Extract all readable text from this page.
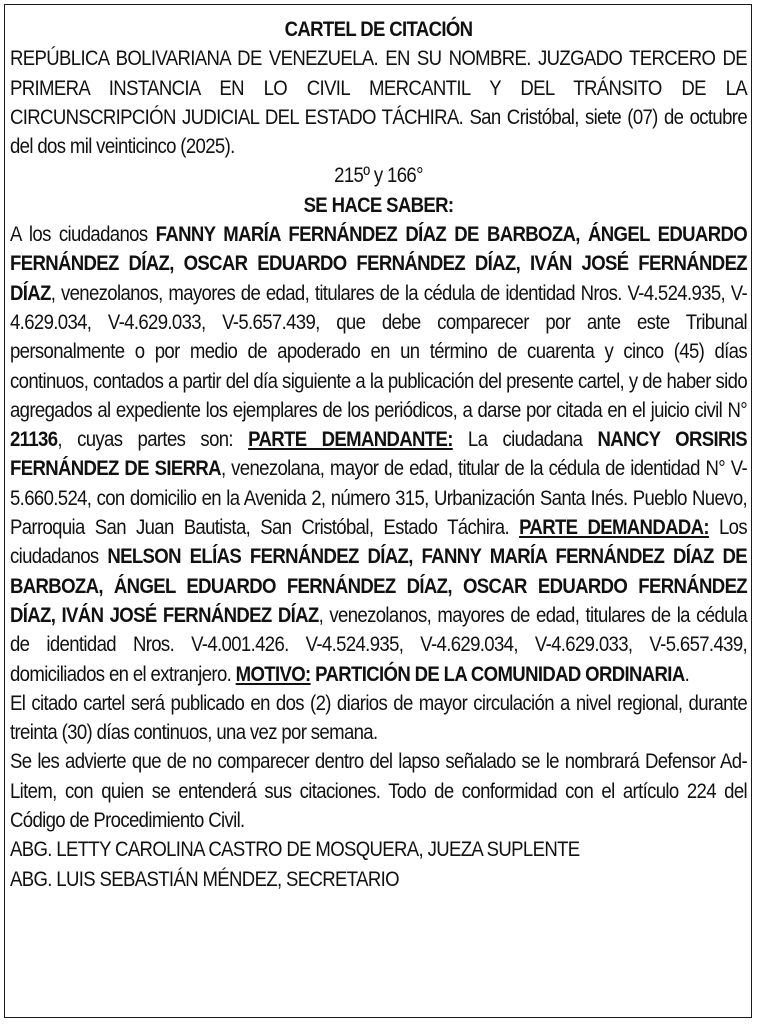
CARTEL DE CITACIÓN

REPÚBLICA BOLIVARIANA DE VENEZUELA. EN SU NOMBRE. JUZGADO TERCERO DE PRIMERA INSTANCIA EN LO CIVIL MERCANTIL Y DEL TRÁNSITO DE LA CIRCUNSCRIPCIÓN JUDICIAL DEL ESTADO TÁCHIRA. San Cristóbal, siete (07) de octubre del dos mil veinticinco (2025).

215º y 166°

SE HACE SABER:

A los ciudadanos FANNY MARÍA FERNÁNDEZ DÍAZ DE BARBOZA, ÁNGEL EDUARDO FERNÁNDEZ DÍAZ, OSCAR EDUARDO FERNÁNDEZ DÍAZ, IVÁN JOSÉ FERNÁNDEZ DÍAZ, venezolanos, mayores de edad, titulares de la cédula de identidad Nros. V-4.524.935, V-4.629.034, V-4.629.033, V-5.657.439, que debe comparecer por ante este Tribunal personalmente o por medio de apoderado en un término de cuarenta y cinco (45) días continuos, contados a partir del día siguiente a la publicación del presente cartel, y de haber sido agregados al expediente los ejemplares de los periódicos, a darse por citada en el juicio civil N° 21136, cuyas partes son: PARTE DEMANDANTE: La ciudadana NANCY ORSIRIS FERNÁNDEZ DE SIERRA, venezolana, mayor de edad, titular de la cédula de identidad N° V- 5.660.524, con domicilio en la Avenida 2, número 315, Urbanización Santa Inés. Pueblo Nuevo, Parroquia San Juan Bautista, San Cristóbal, Estado Táchira. PARTE DEMANDADA: Los ciudadanos NELSON ELÍAS FERNÁNDEZ DÍAZ, FANNY MARÍA FERNÁNDEZ DÍAZ DE BARBOZA, ÁNGEL EDUARDO FERNÁNDEZ DÍAZ, OSCAR EDUARDO FERNÁNDEZ DÍAZ, IVÁN JOSÉ FERNÁNDEZ DÍAZ, venezolanos, mayores de edad, titulares de la cédula de identidad Nros. V-4.001.426. V-4.524.935, V-4.629.034, V-4.629.033, V-5.657.439, domiciliados en el extranjero. MOTIVO: PARTICIÓN DE LA COMUNIDAD ORDINARIA.

El citado cartel será publicado en dos (2) diarios de mayor circulación a nivel regional, durante treinta (30) días continuos, una vez por semana.

Se les advierte que de no comparecer dentro del lapso señalado se le nombrará Defensor Ad-Litem, con quien se entenderá sus citaciones. Todo de conformidad con el artículo 224 del Código de Procedimiento Civil.

ABG. LETTY CAROLINA CASTRO DE MOSQUERA, JUEZA SUPLENTE

ABG. LUIS SEBASTIÁN MÉNDEZ, SECRETARIO
